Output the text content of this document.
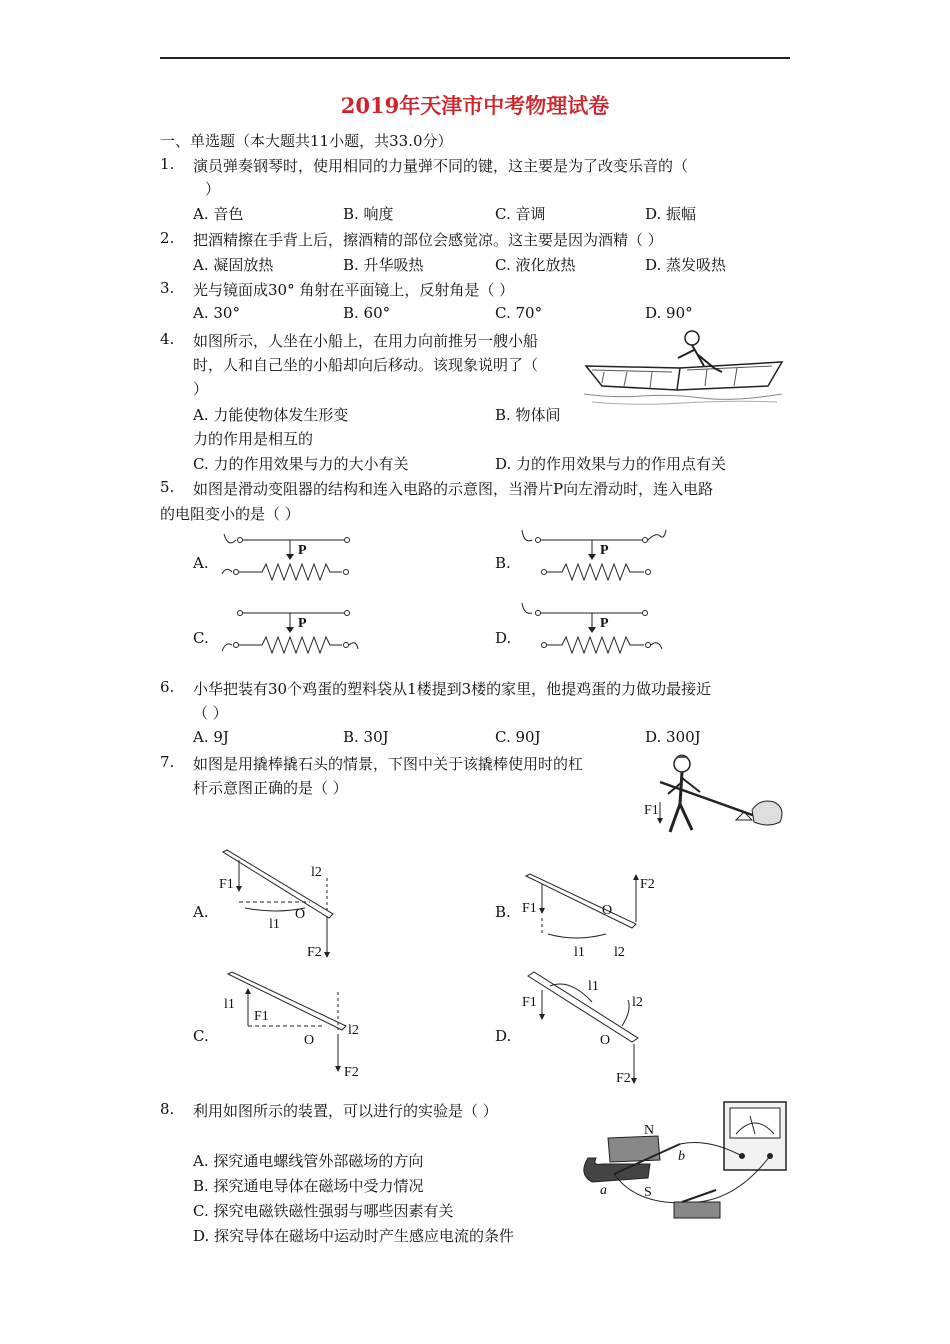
2019年天津市中考物理试卷
一、单选题（本大题共11小题，共33.0分）
1. 演员弹奏钢琴时，使用相同的力量弹不同的键，这主要是为了改变乐音的（
）
A. 音色	B. 响度	C. 音调	D. 振幅
2. 把酒精擦在手背上后，擦酒精的部位会感觉凉。这主要是因为酒精（ ）
A. 凝固放热	B. 升华吸热	C. 液化放热	D. 蒸发吸热
3. 光与镜面成30° 角射在平面镜上，反射角是（ ）
A. 30°	B. 60°	C. 70°	D. 90°
4. 如图所示，人坐在小船上，在用力向前推另一艘小船
时，人和自己坐的小船却向后移动。该现象说明了（
）
A. 力能使物体发生形变	B. 物体间
力的作用是相互的
C. 力的作用效果与力的大小有关	D. 力的作用效果与力的作用点有关
5. 如图是滑动变阻器的结构和连入电路的示意图，当滑片P向左滑动时，连入电路
的电阻变小的是（ ）
A.
P
B.
P
C.
P
D.
P
6. 小华把装有30个鸡蛋的塑料袋从1楼提到3楼的家里，他提鸡蛋的力做功最接近
（ ）
A. 9J	B. 30J	C. 90J	D. 300J
7. 如图是用撬棒撬石头的情景，下图中关于该撬棒使用时的杠
杆示意图正确的是（ ）
F1
A.
F1
l1
O
l2
F2
B. F1
l1
O
F2
l2
C.
l1
F1
O
l2
F2
D.
F1
l1
O
l2
F2
8. 利用如图所示的装置，可以进行的实验是（ ）
A. 探究通电螺线管外部磁场的方向
B. 探究通电导体在磁场中受力情况
C. 探究电磁铁磁性强弱与哪些因素有关
D. 探究导体在磁场中运动时产生感应电流的条件
N
S
a
b
